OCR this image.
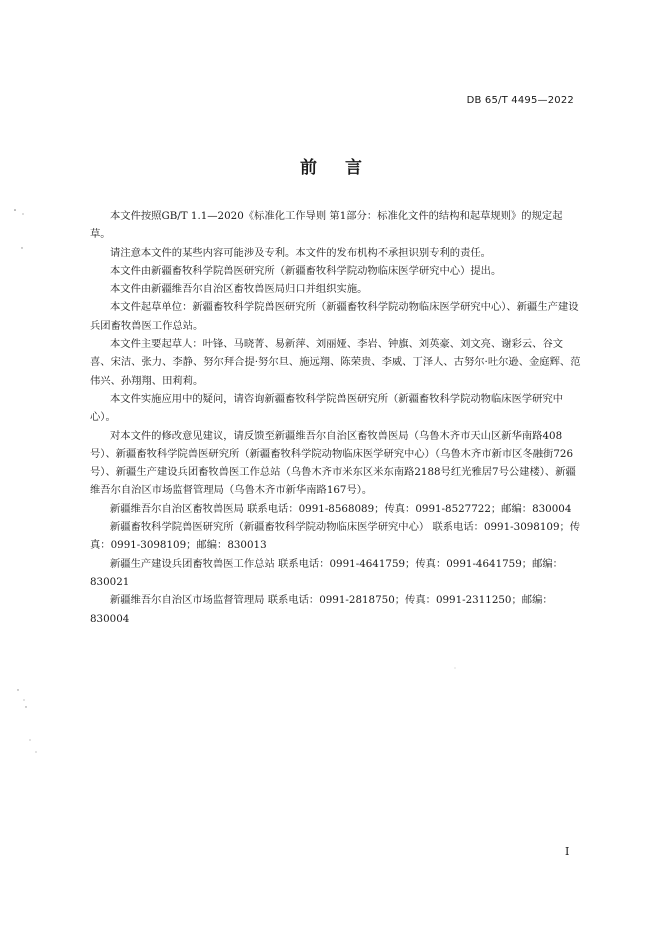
DB 65/T 4495—2022
前言

本文件按照GB/T 1.1—2020《标准化工作导则 第1部分：标准化文件的结构和起草规则》的规定起草。

请注意本文件的某些内容可能涉及专利。本文件的发布机构不承担识别专利的责任。

本文件由新疆畜牧科学院兽医研究所（新疆畜牧科学院动物临床医学研究中心）提出。

本文件由新疆维吾尔自治区畜牧兽医局归口并组织实施。

本文件起草单位：新疆畜牧科学院兽医研究所（新疆畜牧科学院动物临床医学研究中心）、新疆生产建设兵团畜牧兽医工作总站。

本文件主要起草人：叶锋、马晓菁、易新萍、刘丽娅、李岩、钟旗、刘英豪、刘文亮、谢彩云、谷文喜、宋洁、张力、李静、努尔拜合提·努尔旦、施远翔、陈荣贵、李威、丁泽人、古努尔·吐尔逊、金庭辉、范伟兴、孙翔翔、田莉莉。

本文件实施应用中的疑问，请咨询新疆畜牧科学院兽医研究所（新疆畜牧科学院动物临床医学研究中心）。

对本文件的修改意见建议，请反馈至新疆维吾尔自治区畜牧兽医局（乌鲁木齐市天山区新华南路408号）、新疆畜牧科学院兽医研究所（新疆畜牧科学院动物临床医学研究中心）（乌鲁木齐市新市区冬融街726号）、新疆生产建设兵团畜牧兽医工作总站（乌鲁木齐市米东区米东南路2188号红光雅居7号公建楼）、新疆维吾尔自治区市场监督管理局（乌鲁木齐市新华南路167号）。

新疆维吾尔自治区畜牧兽医局 联系电话：0991-8568089；传真：0991-8527722；邮编：830004

新疆畜牧科学院兽医研究所（新疆畜牧科学院动物临床医学研究中心） 联系电话：0991-3098109；传真：0991-3098109；邮编：830013

新疆生产建设兵团畜牧兽医工作总站 联系电话：0991-4641759；传真：0991-4641759；邮编：830021

新疆维吾尔自治区市场监督管理局 联系电话：0991-2818750；传真：0991-2311250；邮编：830004

I
